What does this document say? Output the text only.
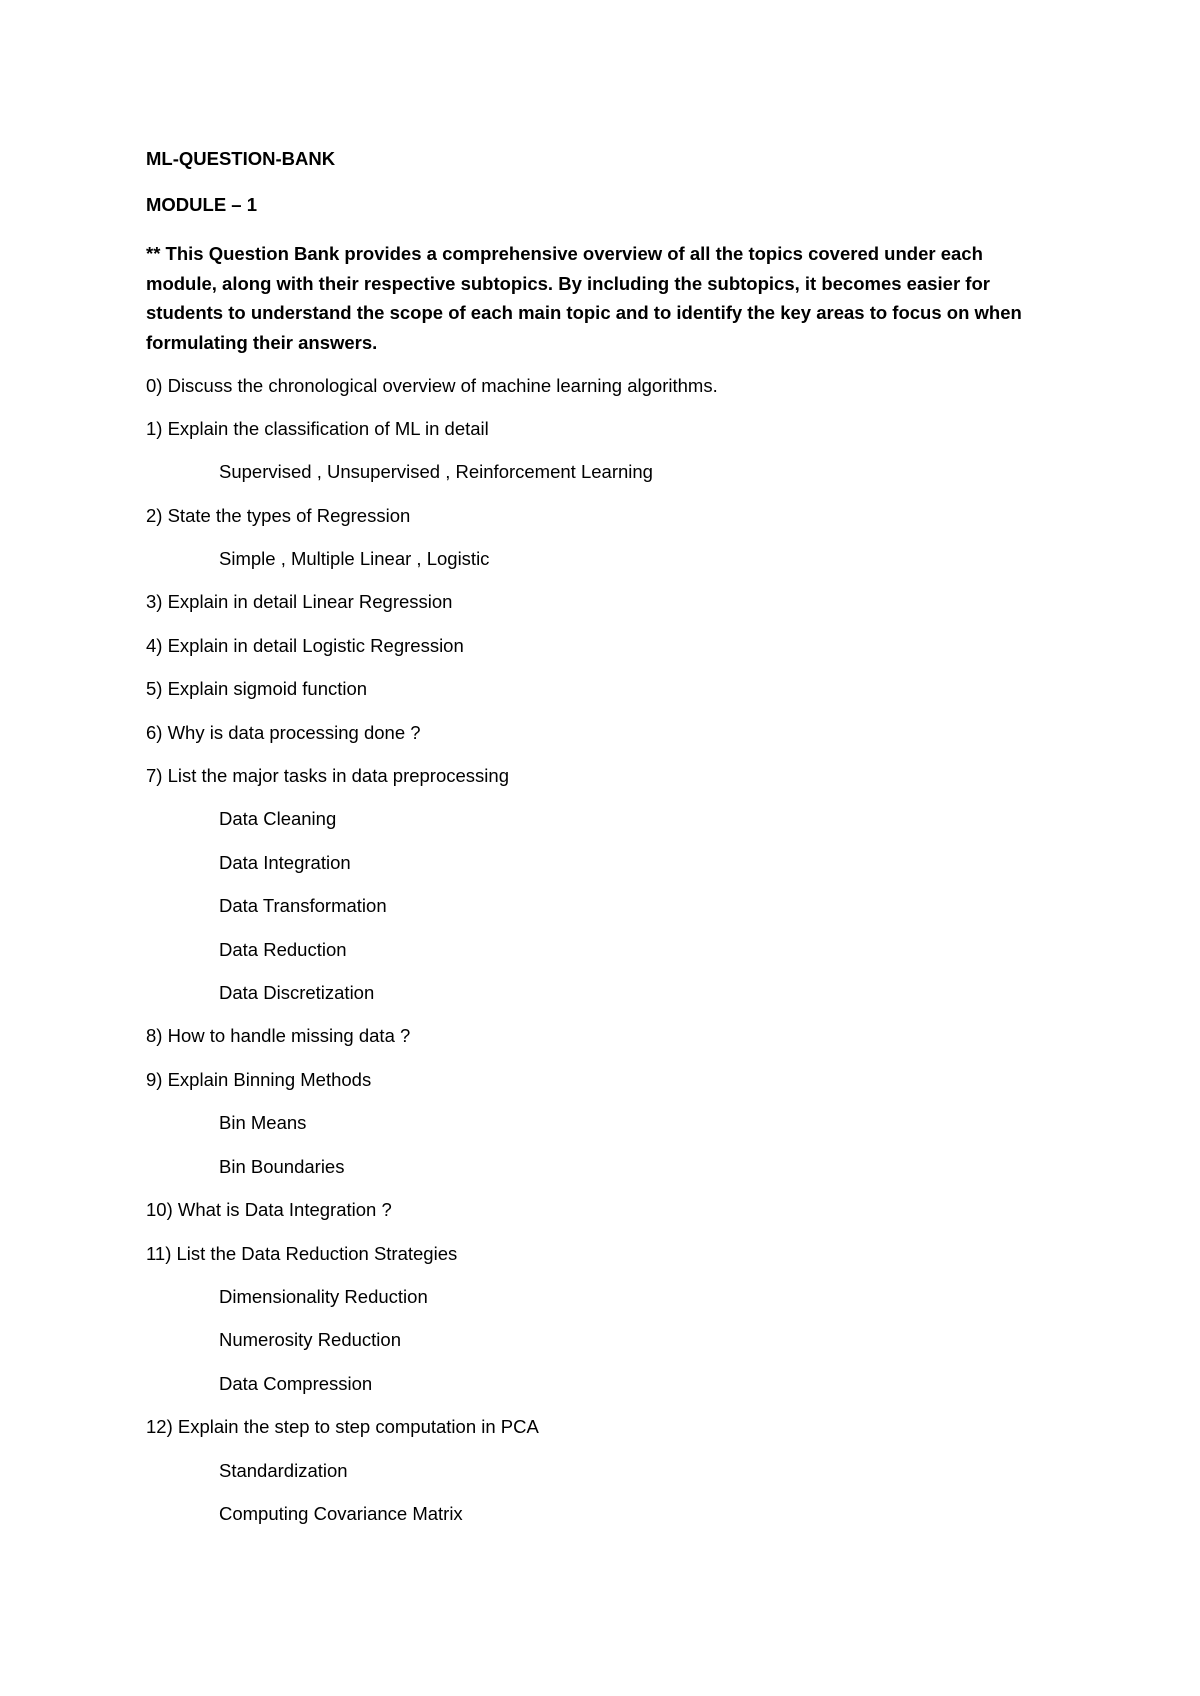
ML-QUESTION-BANK
MODULE – 1
** This Question Bank provides a comprehensive overview of all the topics covered under each module, along with their respective subtopics. By including the subtopics, it becomes easier for students to understand the scope of each main topic and to identify the key areas to focus on when formulating their answers.
0) Discuss the chronological overview of machine learning algorithms.
1) Explain the classification of ML in detail
Supervised , Unsupervised , Reinforcement Learning
2) State the types of Regression
Simple , Multiple Linear , Logistic
3) Explain in detail Linear Regression
4) Explain in detail Logistic Regression
5) Explain sigmoid function
6) Why is data processing done ?
7) List the major tasks in data preprocessing
Data Cleaning
Data Integration
Data Transformation
Data Reduction
Data Discretization
8) How to handle missing data ?
9) Explain Binning Methods
Bin Means
Bin Boundaries
10) What is Data Integration ?
11) List the Data Reduction Strategies
Dimensionality Reduction
Numerosity Reduction
Data Compression
12) Explain the step to step computation in PCA
Standardization
Computing Covariance Matrix
